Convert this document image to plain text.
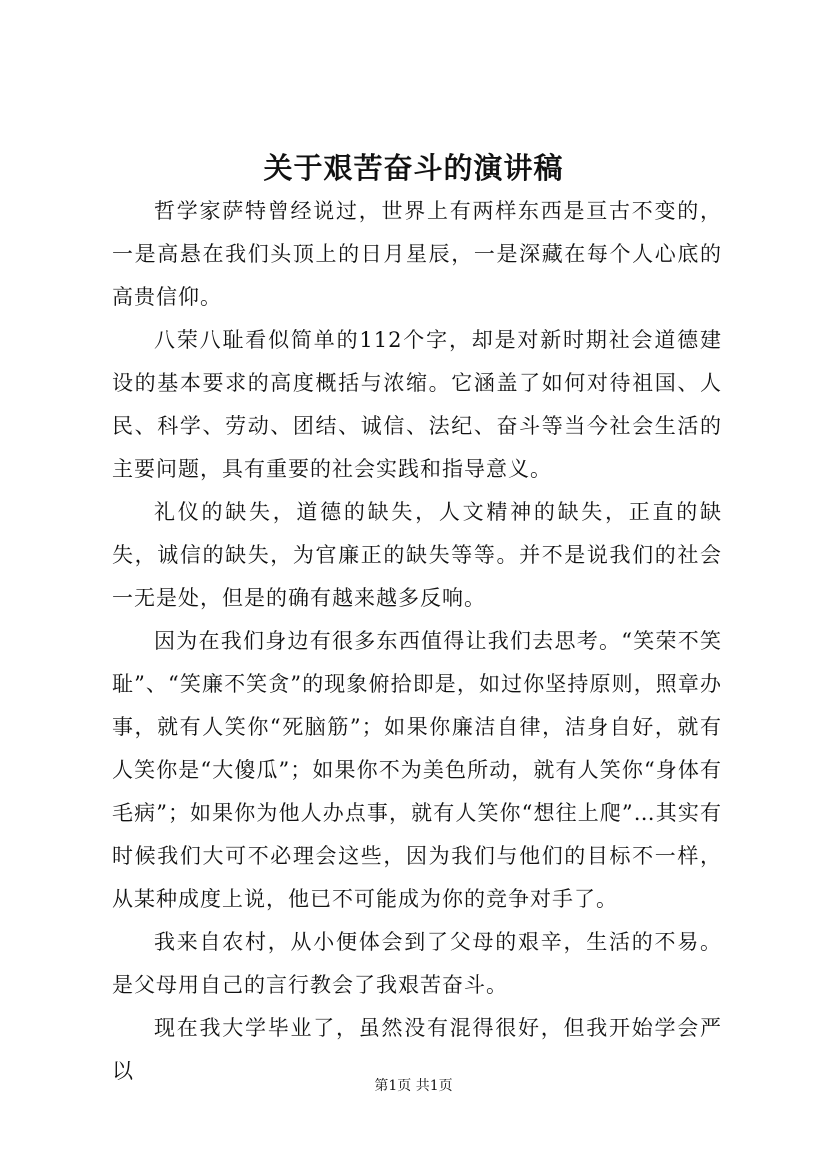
关于艰苦奋斗的演讲稿

哲学家萨特曾经说过，世界上有两样东西是亘古不变的，一是高悬在我们头顶上的日月星辰，一是深藏在每个人心底的高贵信仰。

八荣八耻看似简单的112个字，却是对新时期社会道德建设的基本要求的高度概括与浓缩。它涵盖了如何对待祖国、人民、科学、劳动、团结、诚信、法纪、奋斗等当今社会生活的主要问题，具有重要的社会实践和指导意义。

礼仪的缺失，道德的缺失，人文精神的缺失，正直的缺失，诚信的缺失，为官廉正的缺失等等。并不是说我们的社会一无是处，但是的确有越来越多反响。

因为在我们身边有很多东西值得让我们去思考。“笑荣不笑耻”、“笑廉不笑贪”的现象俯拾即是，如过你坚持原则，照章办事，就有人笑你“死脑筋”；如果你廉洁自律，洁身自好，就有人笑你是“大傻瓜”；如果你不为美色所动，就有人笑你“身体有毛病”；如果你为他人办点事，就有人笑你“想往上爬”…其实有时候我们大可不必理会这些，因为我们与他们的目标不一样，从某种成度上说，他已不可能成为你的竞争对手了。

我来自农村，从小便体会到了父母的艰辛，生活的不易。是父母用自己的言行教会了我艰苦奋斗。

现在我大学毕业了，虽然没有混得很好，但我开始学会严以

第1页 共1页
